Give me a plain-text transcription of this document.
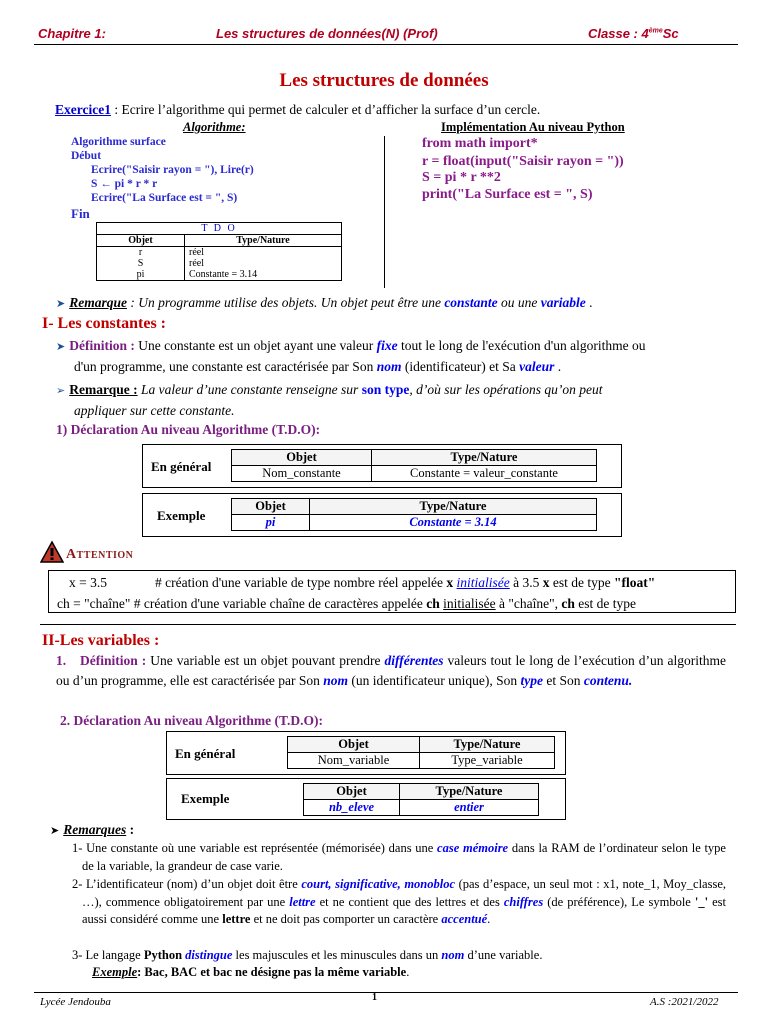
Chapitre 1:	Les structures de données(N) (Prof)	Classe : 4èmeSc
Les structures de données

Exercice1 : Ecrire l’algorithme qui permet de calculer et d’afficher la surface d’un cercle.

Algorithme:	Implémentation Au niveau Python

Algorithme surface

Début

Ecrire("Saisir rayon = "), Lire(r)

S ← pi * r * r

Ecrire("La Surface est = ", S)

Fin

from math import*

r = float(input("Saisir rayon = "))

S = pi * r **2

print("La Surface est = ", S)

T D O	
Objet	Type/Nature
r	réel
S	réel
pi	Constante = 3.14

➤ Remarque : Un programme utilise des objets. Un objet peut être une constante ou une variable .

I- Les constantes :

➤ Définition : Une constante est un objet ayant une valeur fixe tout le long de l'exécution d'un algorithme ou
d'un programme, une constante est caractérisée par Son nom (identificateur) et Sa valeur .
➢ Remarque : La valeur d’une constante renseigne sur son type, d’où sur les opérations qu’on peut
appliquer sur cette constante.

1) Déclaration Au niveau Algorithme (T.D.O):

En général
Objet	Type/Nature
Nom_constante	Constante = valeur_constante
Exemple
Objet	Type/Nature
pi	Constante = 3.14

Attention

x = 3.5	# création d'une variable de type nombre réel appelée x initialisée à 3.5 x est de type "float"

ch = "chaîne" # création d'une variable chaîne de caractères appelée ch initialisée à "chaîne", ch est de type

II-Les variables :

1. Définition : Une variable est un objet pouvant prendre différentes valeurs tout le long de l’exécution d’un algorithme ou d’un programme, elle est caractérisée par Son nom (un identificateur unique), Son type et Son contenu.

2. Déclaration Au niveau Algorithme (T.D.O):

En général
Objet	Type/Nature
Nom_variable	Type_variable
Exemple	Objet	Type/Nature
nb_eleve	entier

➤ Remarques :

1- Une constante où une variable est représentée (mémorisée) dans une case mémoire dans la RAM de l’ordinateur selon le type de la variable, la grandeur de case varie.
2- L’identificateur (nom) d’un objet doit être court, significative, monobloc (pas d’espace, un seul mot : x1, note_1, Moy_classe, …), commence obligatoirement par une lettre et ne contient que des lettres et des chiffres (de préférence), Le symbole '_' est aussi considéré comme une lettre et ne doit pas comporter un caractère accentué.

3- Le langage Python distingue les majuscules et les minuscules dans un nom d’une variable.

Exemple: Bac, BAC et bac ne désigne pas la même variable.

Lycée Jendouba	1	A.S :2021/2022
